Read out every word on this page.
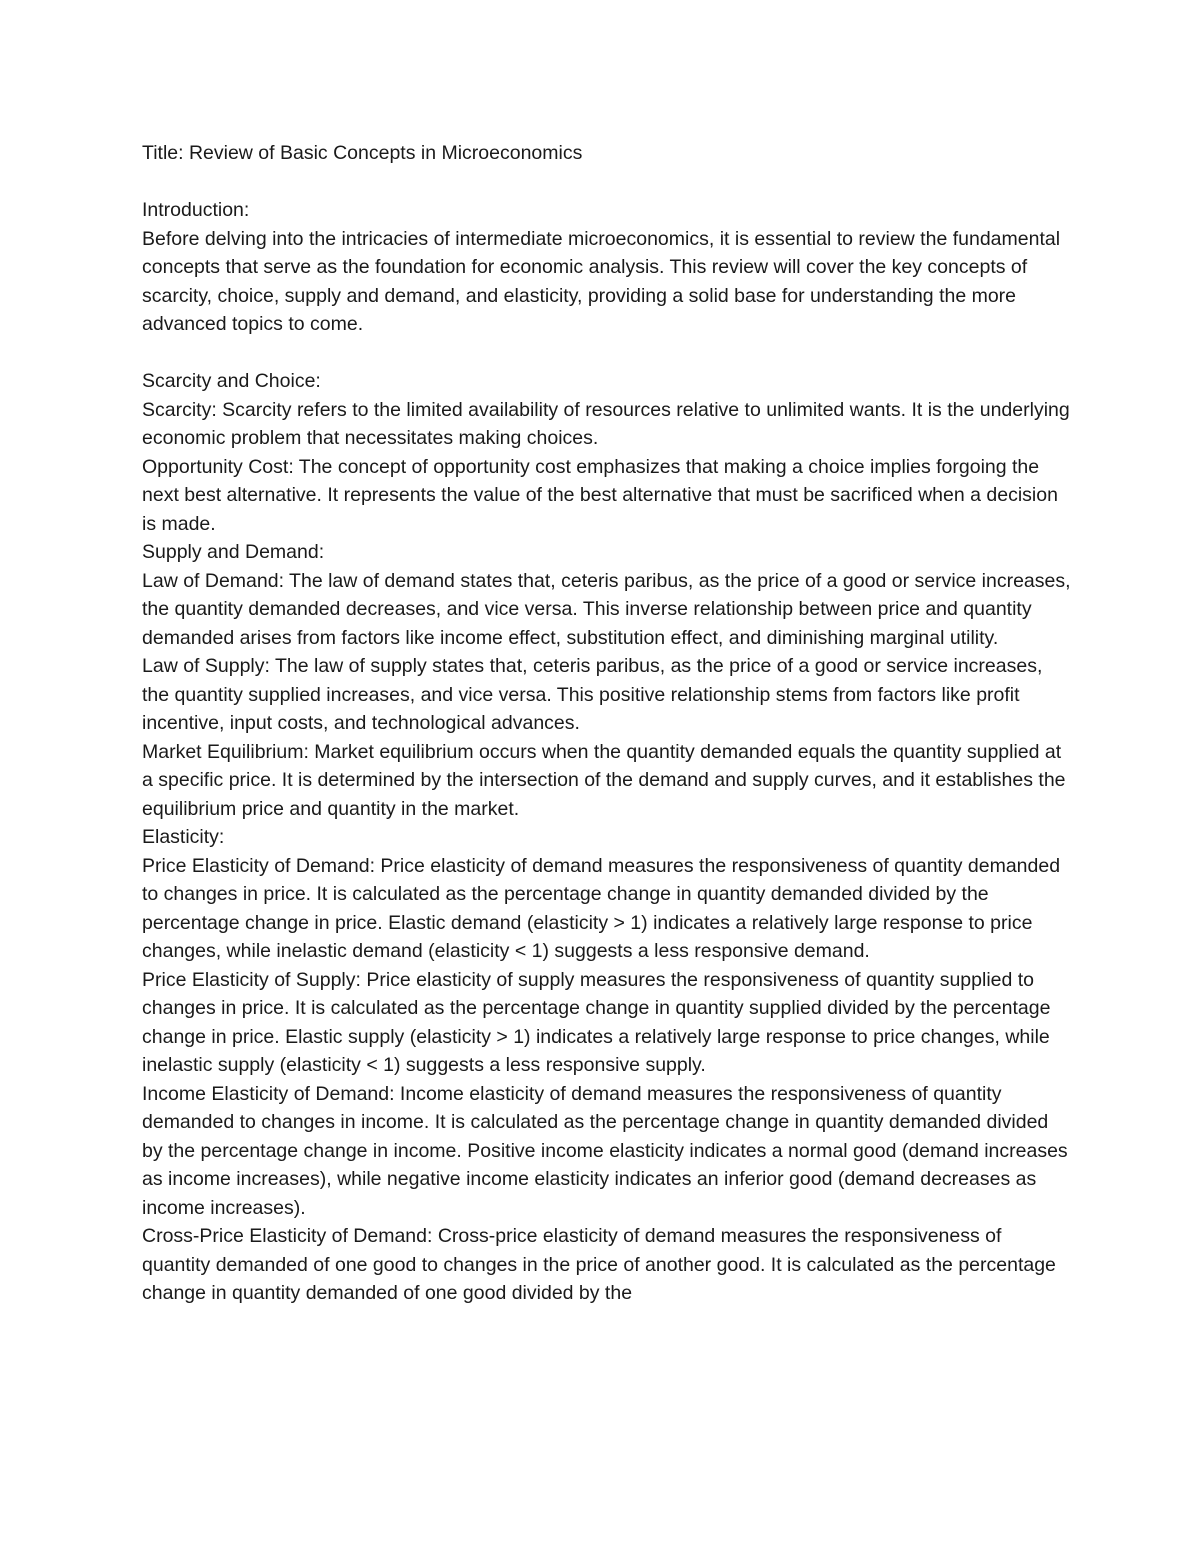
Title: Review of Basic Concepts in Microeconomics

Introduction:

Before delving into the intricacies of intermediate microeconomics, it is essential to review the fundamental concepts that serve as the foundation for economic analysis. This review will cover the key concepts of scarcity, choice, supply and demand, and elasticity, providing a solid base for understanding the more advanced topics to come.

Scarcity and Choice:

Scarcity: Scarcity refers to the limited availability of resources relative to unlimited wants. It is the underlying economic problem that necessitates making choices.

Opportunity Cost: The concept of opportunity cost emphasizes that making a choice implies forgoing the next best alternative. It represents the value of the best alternative that must be sacrificed when a decision is made.

Supply and Demand:

Law of Demand: The law of demand states that, ceteris paribus, as the price of a good or service increases, the quantity demanded decreases, and vice versa. This inverse relationship between price and quantity demanded arises from factors like income effect, substitution effect, and diminishing marginal utility.

Law of Supply: The law of supply states that, ceteris paribus, as the price of a good or service increases, the quantity supplied increases, and vice versa. This positive relationship stems from factors like profit incentive, input costs, and technological advances.

Market Equilibrium: Market equilibrium occurs when the quantity demanded equals the quantity supplied at a specific price. It is determined by the intersection of the demand and supply curves, and it establishes the equilibrium price and quantity in the market.

Elasticity:

Price Elasticity of Demand: Price elasticity of demand measures the responsiveness of quantity demanded to changes in price. It is calculated as the percentage change in quantity demanded divided by the percentage change in price. Elastic demand (elasticity > 1) indicates a relatively large response to price changes, while inelastic demand (elasticity < 1) suggests a less responsive demand.

Price Elasticity of Supply: Price elasticity of supply measures the responsiveness of quantity supplied to changes in price. It is calculated as the percentage change in quantity supplied divided by the percentage change in price. Elastic supply (elasticity > 1) indicates a relatively large response to price changes, while inelastic supply (elasticity < 1) suggests a less responsive supply.

Income Elasticity of Demand: Income elasticity of demand measures the responsiveness of quantity demanded to changes in income. It is calculated as the percentage change in quantity demanded divided by the percentage change in income. Positive income elasticity indicates a normal good (demand increases as income increases), while negative income elasticity indicates an inferior good (demand decreases as income increases).

Cross-Price Elasticity of Demand: Cross-price elasticity of demand measures the responsiveness of quantity demanded of one good to changes in the price of another good. It is calculated as the percentage change in quantity demanded of one good divided by the
